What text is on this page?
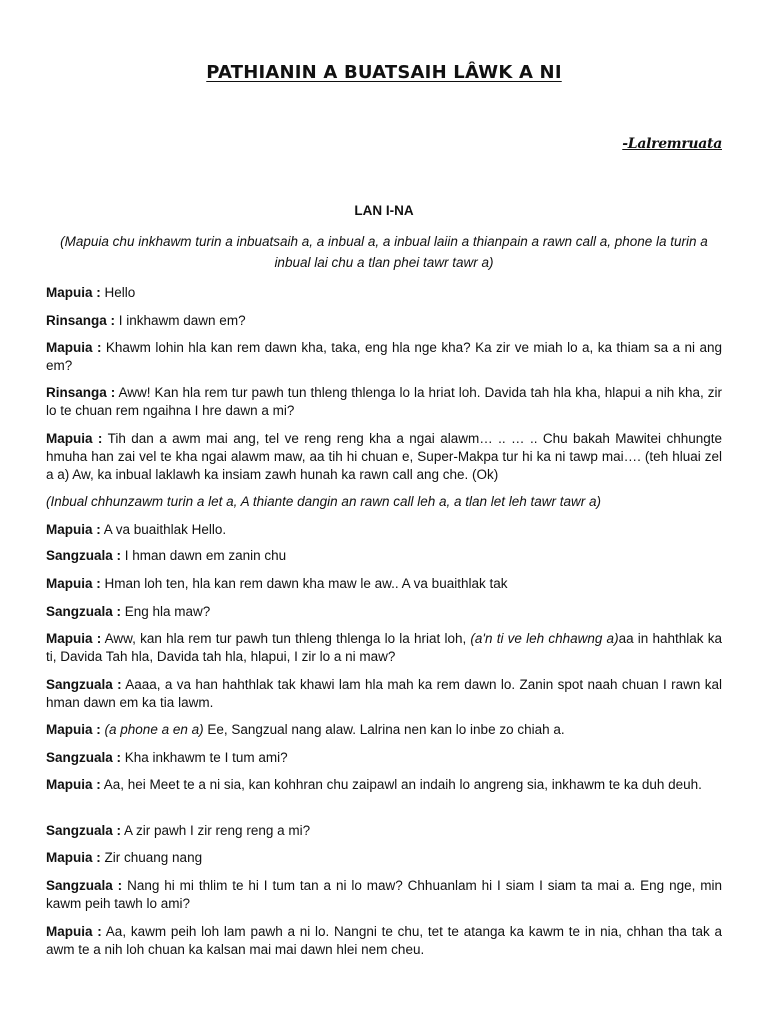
PATHIANIN A BUATSAIH LÂWK A NI
-Lalremruata
LAN I-NA
(Mapuia chu inkhawm turin a inbuatsaih a, a inbual a, a inbual laiin a thianpain a rawn call a, phone la turin a inbual lai chu a tlan phei tawr tawr a)
Mapuia : Hello
Rinsanga : I inkhawm dawn em?
Mapuia : Khawm lohin hla kan rem dawn kha, taka, eng hla nge kha? Ka zir ve miah lo a, ka thiam sa a ni ang em?
Rinsanga : Aww! Kan hla rem tur pawh tun thleng thlenga lo la hriat loh. Davida tah hla kha, hlapui a nih kha, zir lo te chuan rem ngaihna I hre dawn a mi?
Mapuia : Tih dan a awm mai ang, tel ve reng reng kha a ngai alawm… .. … .. Chu bakah Mawitei chhungte hmuha han zai vel te kha ngai alawm maw, aa tih hi chuan e, Super-Makpa tur hi ka ni tawp mai…. (teh hluai zel a a) Aw, ka inbual laklawh ka insiam zawh hunah ka rawn call ang che. (Ok)
(Inbual chhunzawm turin a let a, A thiante dangin an rawn call leh a, a tlan let leh tawr tawr a)
Mapuia : A va buaithlak Hello.
Sangzuala : I hman dawn em zanin chu
Mapuia : Hman loh ten, hla kan rem dawn kha maw le aw.. A va buaithlak tak
Sangzuala : Eng hla maw?
Mapuia : Aww, kan hla rem tur pawh tun thleng thlenga lo la hriat loh, (a'n ti ve leh chhawng a)aa in hahthlak ka ti, Davida Tah hla, Davida tah hla, hlapui, I zir lo a ni maw?
Sangzuala : Aaaa, a va han hahthlak tak khawi lam hla mah ka rem dawn lo. Zanin spot naah chuan I rawn kal hman dawn em ka tia lawm.
Mapuia : (a phone a en a) Ee, Sangzual nang alaw. Lalrina nen kan lo inbe zo chiah a.
Sangzuala : Kha inkhawm te I tum ami?
Mapuia : Aa, hei Meet te a ni sia, kan kohhran chu zaipawl an indaih lo angreng sia, inkhawm te ka duh deuh.
Sangzuala : A zir pawh I zir reng reng a mi?
Mapuia : Zir chuang nang
Sangzuala : Nang hi mi thlim te hi I tum tan a ni lo maw? Chhuanlam hi I siam I siam ta mai a. Eng nge, min kawm peih tawh lo ami?
Mapuia : Aa, kawm peih loh lam pawh a ni lo. Nangni te chu, tet te atanga ka kawm te in nia, chhan tha tak a awm te a nih loh chuan ka kalsan mai mai dawn hlei nem cheu.
